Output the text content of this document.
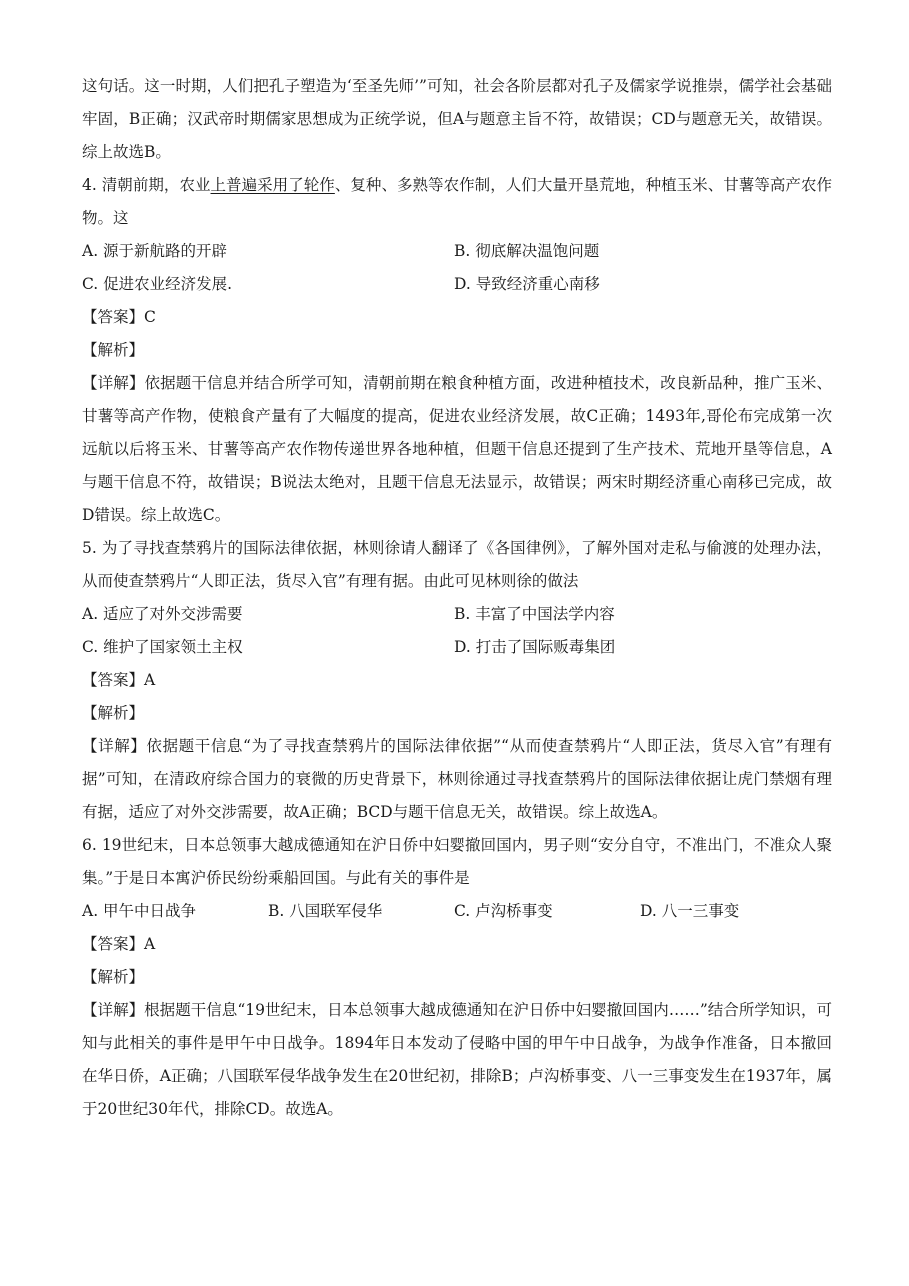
这句话。这一时期，人们把孔子塑造为‘至圣先师’”可知，社会各阶层都对孔子及儒家学说推崇，儒学社会基础牢固，B正确；汉武帝时期儒家思想成为正统学说，但A与题意主旨不符，故错误；CD与题意无关，故错误。综上故选B。

4. 清朝前期，农业上普遍采用了轮作、复种、多熟等农作制，人们大量开垦荒地，种植玉米、甘薯等高产农作物。这

A. 源于新航路的开辟	B. 彻底解决温饱问题
C. 促进农业经济发展.	D. 导致经济重心南移

【答案】C

【解析】

【详解】依据题干信息并结合所学可知，清朝前期在粮食种植方面，改进种植技术，改良新品种，推广玉米、甘薯等高产作物，使粮食产量有了大幅度的提高，促进农业经济发展，故C正确；1493年,哥伦布完成第一次远航以后将玉米、甘薯等高产农作物传递世界各地种植，但题干信息还提到了生产技术、荒地开垦等信息，A与题干信息不符，故错误；B说法太绝对，且题干信息无法显示，故错误；两宋时期经济重心南移已完成，故D错误。综上故选C。

5. 为了寻找查禁鸦片的国际法律依据，林则徐请人翻译了《各国律例》，了解外国对走私与偷渡的处理办法，从而使查禁鸦片“人即正法，货尽入官”有理有据。由此可见林则徐的做法

A. 适应了对外交涉需要	B. 丰富了中国法学内容
C. 维护了国家领土主权	D. 打击了国际贩毒集团

【答案】A

【解析】

【详解】依据题干信息“为了寻找查禁鸦片的国际法律依据”“从而使查禁鸦片“人即正法，货尽入官”有理有据”可知，在清政府综合国力的衰微的历史背景下，林则徐通过寻找查禁鸦片的国际法律依据让虎门禁烟有理有据，适应了对外交涉需要，故A正确；BCD与题干信息无关，故错误。综上故选A。

6. 19世纪末，日本总领事大越成德通知在沪日侨中妇婴撤回国内，男子则“安分自守，不准出门，不准众人聚集。”于是日本寓沪侨民纷纷乘船回国。与此有关的事件是

A. 甲午中日战争	B. 八国联军侵华	C. 卢沟桥事变	D. 八一三事变

【答案】A

【解析】

【详解】根据题干信息“19世纪末，日本总领事大越成德通知在沪日侨中妇婴撤回国内……”结合所学知识，可知与此相关的事件是甲午中日战争。1894年日本发动了侵略中国的甲午中日战争，为战争作准备，日本撤回在华日侨，A正确；八国联军侵华战争发生在20世纪初，排除B；卢沟桥事变、八一三事变发生在1937年，属于20世纪30年代，排除CD。故选A。
